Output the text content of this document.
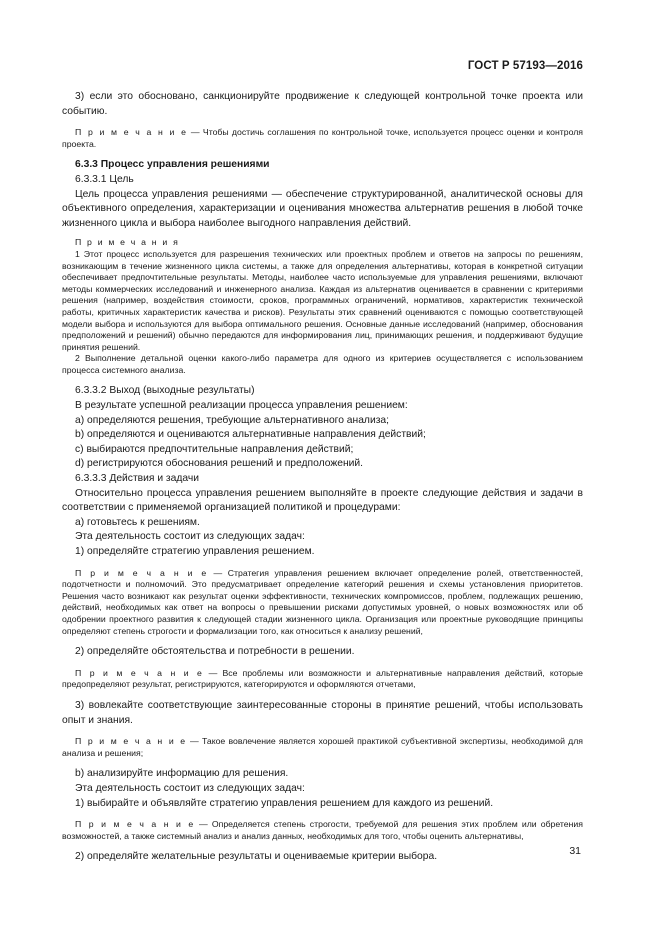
ГОСТ Р 57193—2016

3) если это обосновано, санкционируйте продвижение к следующей контрольной точке проекта или событию.

П р и м е ч а н и е — Чтобы достичь соглашения по контрольной точке, используется процесс оценки и контроля проекта.

6.3.3 Процесс управления решениями

6.3.3.1 Цель

Цель процесса управления решениями — обеспечение структурированной, аналитической основы для объективного определения, характеризации и оценивания множества альтернатив решения в любой точке жизненного цикла и выбора наиболее выгодного направления действий.

П р и м е ч а н и я

1 Этот процесс используется для разрешения технических или проектных проблем и ответов на запросы по решениям, возникающим в течение жизненного цикла системы, а также для определения альтернативы, которая в конкретной ситуации обеспечивает предпочтительные результаты. Методы, наиболее часто используемые для управления решениями, включают методы коммерческих исследований и инженерного анализа. Каждая из альтернатив оценивается в сравнении с критериями решения (например, воздействия стоимости, сроков, программных ограничений, нормативов, характеристик технической работы, критичных характеристик качества и рисков). Результаты этих сравнений оцениваются с помощью соответствующей модели выбора и используются для выбора оптимального решения. Основные данные исследований (например, обоснования предположений и решений) обычно передаются для информирования лиц, принимающих решения, и поддерживают будущие принятия решений.

2 Выполнение детальной оценки какого-либо параметра для одного из критериев осуществляется с использованием процесса системного анализа.

6.3.3.2 Выход (выходные результаты)

В результате успешной реализации процесса управления решением:

a) определяются решения, требующие альтернативного анализа;

b) определяются и оцениваются альтернативные направления действий;

c) выбираются предпочтительные направления действий;

d) регистрируются обоснования решений и предположений.

6.3.3.3 Действия и задачи

Относительно процесса управления решением выполняйте в проекте следующие действия и задачи в соответствии с применяемой организацией политикой и процедурами:

a) готовьтесь к решениям.

Эта деятельность состоит из следующих задач:

1) определяйте стратегию управления решением.

П р и м е ч а н и е — Стратегия управления решением включает определение ролей, ответственностей, подотчетности и полномочий. Это предусматривает определение категорий решения и схемы установления приоритетов. Решения часто возникают как результат оценки эффективности, технических компромиссов, проблем, подлежащих решению, действий, необходимых как ответ на вопросы о превышении рисками допустимых уровней, о новых возможностях или об одобрении проектного развития к следующей стадии жизненного цикла. Организация или проектные руководящие принципы определяют степень строгости и формализации того, как относиться к анализу решений,

2) определяйте обстоятельства и потребности в решении.

П р и м е ч а н и е — Все проблемы или возможности и альтернативные направления действий, которые предопределяют результат, регистрируются, категорируются и оформляются отчетами,

3) вовлекайте соответствующие заинтересованные стороны в принятие решений, чтобы использовать опыт и знания.

П р и м е ч а н и е — Такое вовлечение является хорошей практикой субъективной экспертизы, необходимой для анализа и решения;

b) анализируйте информацию для решения.

Эта деятельность состоит из следующих задач:

1) выбирайте и объявляйте стратегию управления решением для каждого из решений.

П р и м е ч а н и е — Определяется степень строгости, требуемой для решения этих проблем или обретения возможностей, а также системный анализ и анализ данных, необходимых для того, чтобы оценить альтернативы,

2) определяйте желательные результаты и оцениваемые критерии выбора.	31
